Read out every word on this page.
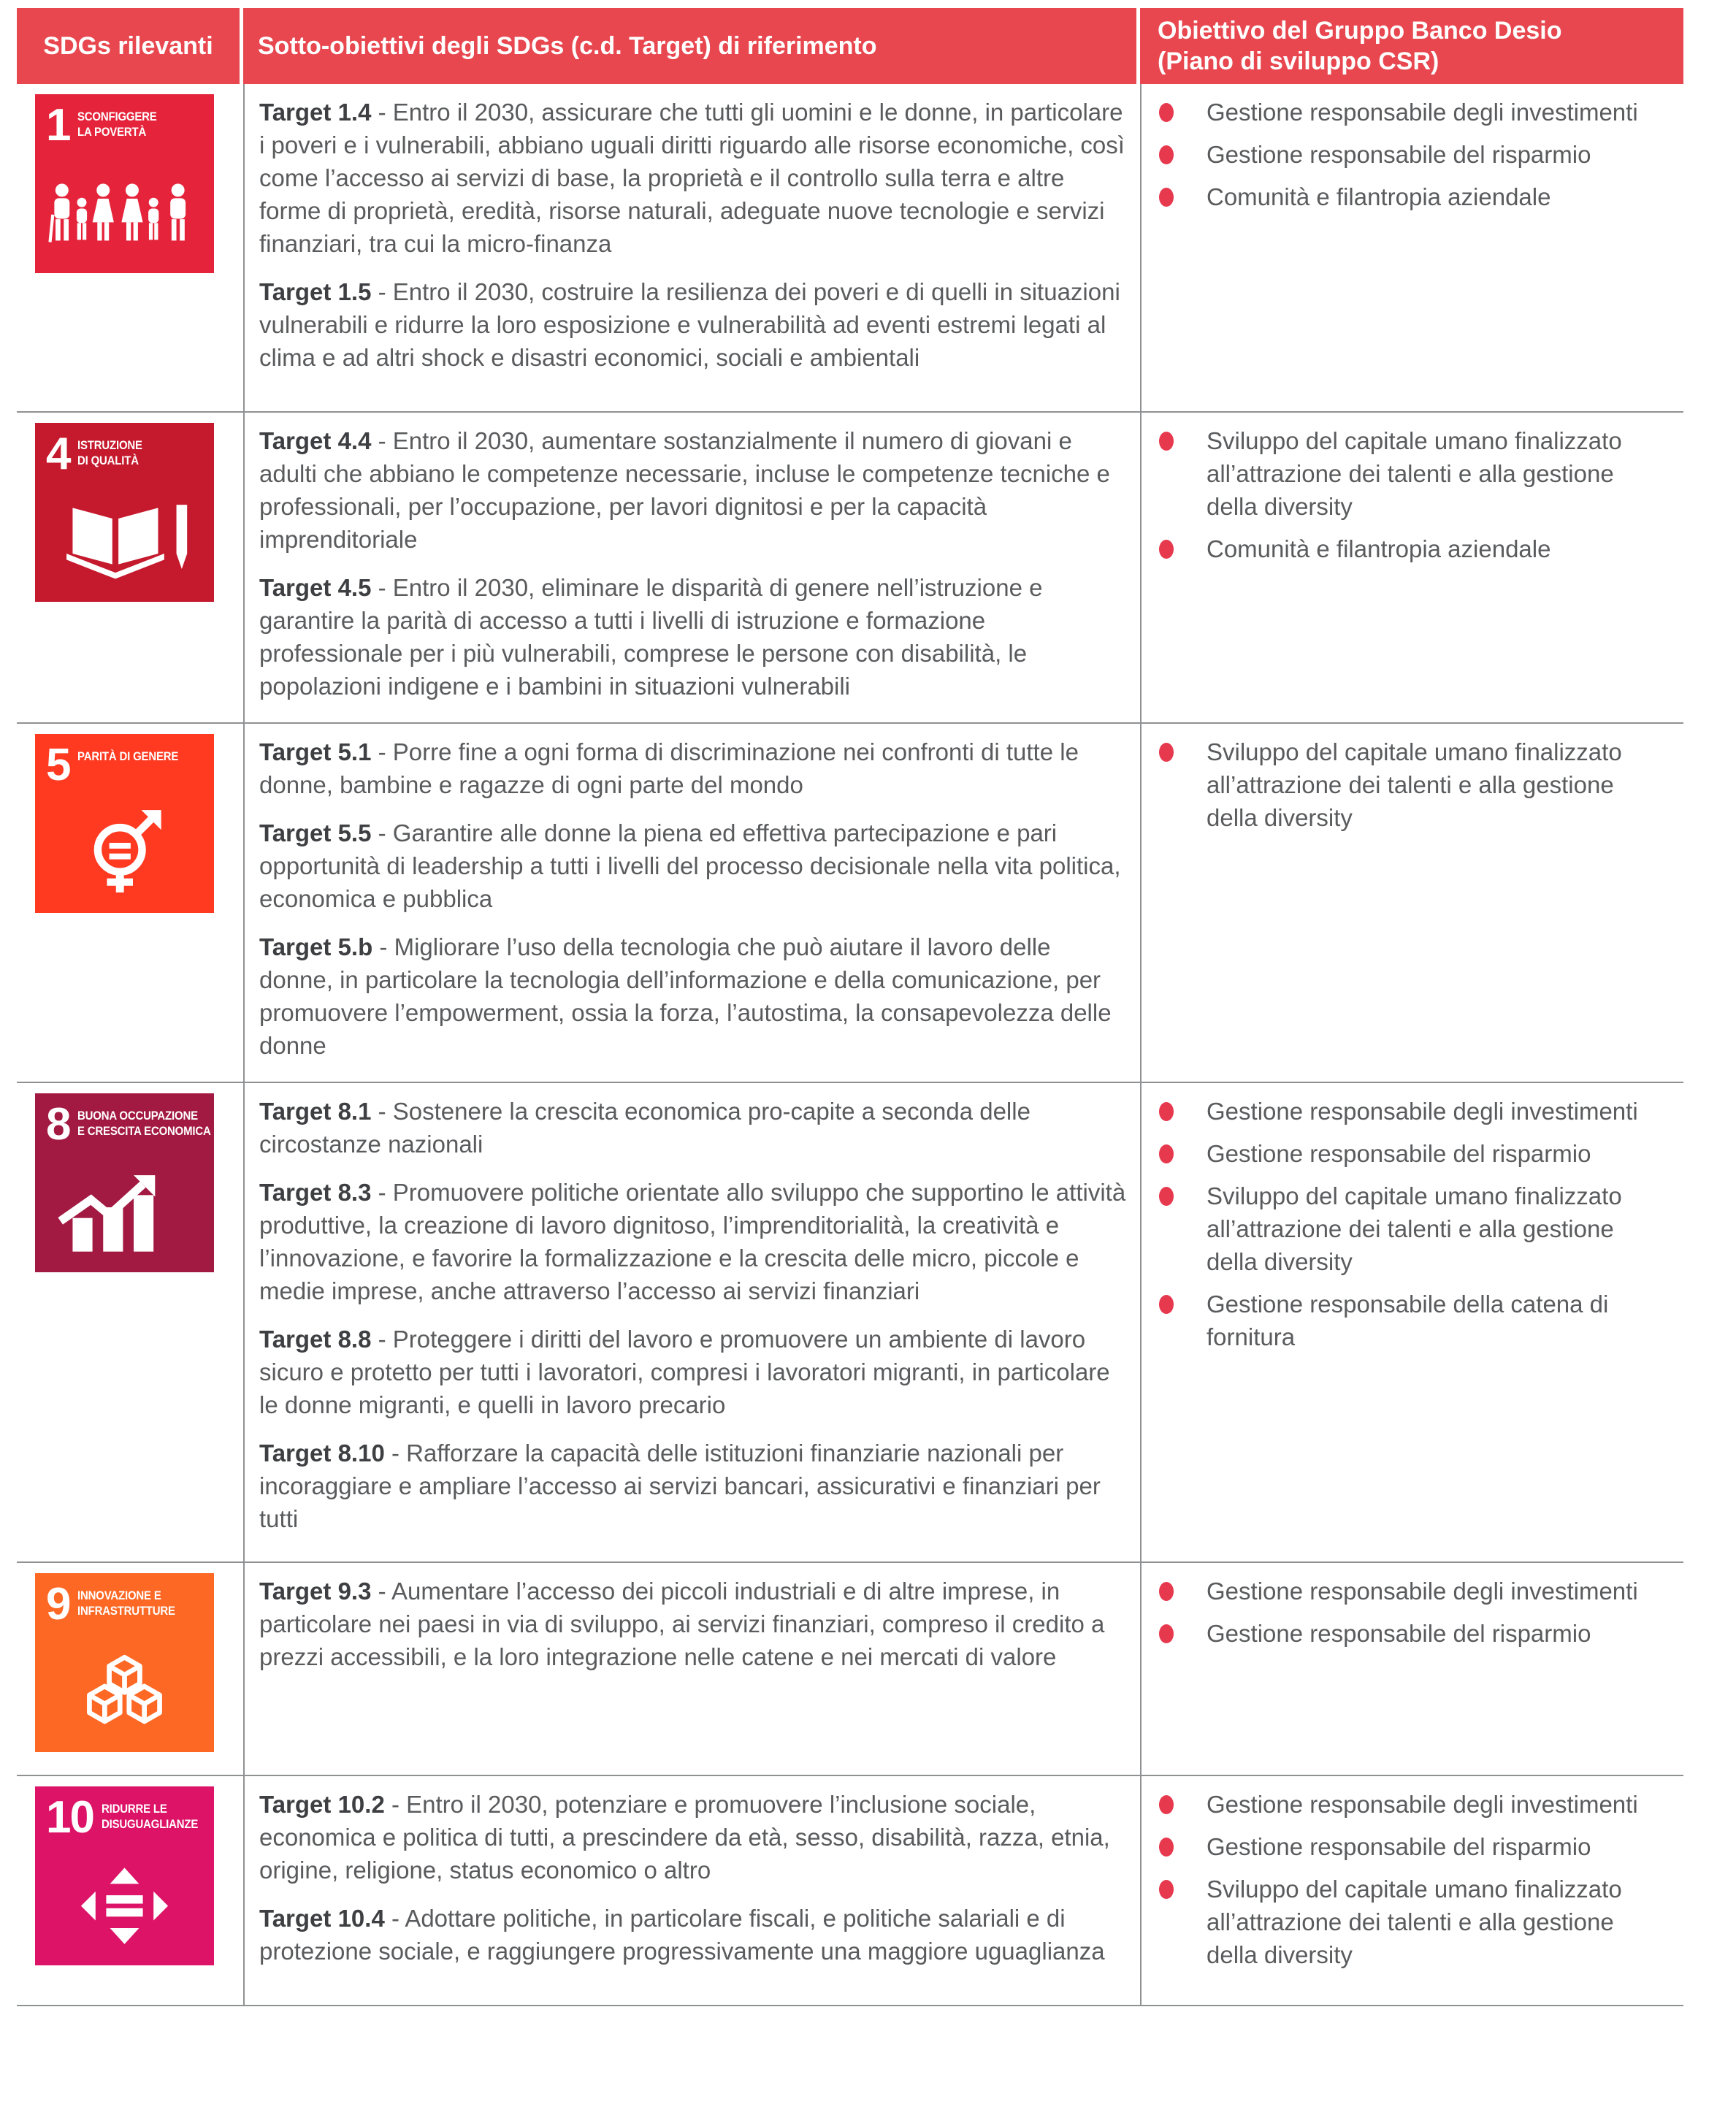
SDGs rilevanti Sotto-obiettivi degli SDGs (c.d. Target) di riferimento
Obiettivo del Gruppo Banco Desio
(Piano di sviluppo CSR)
1 SCONFIGGERE
LA POVERTÀ

Target 1.4 - Entro il 2030, assicurare che tutti gli uomini e le donne, in particolare i poveri e i vulnerabili, abbiano uguali diritti riguardo alle risorse economiche, così come l’accesso ai servizi di base, la proprietà e il controllo sulla terra e altre forme di proprietà, eredità, risorse naturali, adeguate nuove tecnologie e servizi finanziari, tra cui la micro-finanza

Target 1.5 - Entro il 2030, costruire la resilienza dei poveri e di quelli in situazioni vulnerabili e ridurre la loro esposizione e vulnerabilità ad eventi estremi legati al clima e ad altri shock e disastri economici, sociali e ambientali

Gestione responsabile degli investimenti
Gestione responsabile del risparmio
Comunità e filantropia aziendale
4 ISTRUZIONE
DI QUALITÀ

Target 4.4 - Entro il 2030, aumentare sostanzialmente il numero di giovani e adulti che abbiano le competenze necessarie, incluse le competenze tecniche e professionali, per l’occupazione, per lavori dignitosi e per la capacità imprenditoriale

Target 4.5 - Entro il 2030, eliminare le disparità di genere nell’istruzione e garantire la parità di accesso a tutti i livelli di istruzione e formazione professionale per i più vulnerabili, comprese le persone con disabilità, le popolazioni indigene e i bambini in situazioni vulnerabili

Sviluppo del capitale umano finalizzato all’attrazione dei talenti e alla gestione della diversity
Comunità e filantropia aziendale
5 PARITÀ DI GENERE	Target 5.1 - Porre fine a ogni forma di discriminazione nei confronti di tutte le donne, bambine e ragazze di ogni parte del mondo

Target 5.5 - Garantire alle donne la piena ed effettiva partecipazione e pari opportunità di leadership a tutti i livelli del processo decisionale nella vita politica, economica e pubblica

Target 5.b - Migliorare l’uso della tecnologia che può aiutare il lavoro delle donne, in particolare la tecnologia dell’informazione e della comunicazione, per promuovere l’empowerment, ossia la forza, l’autostima, la consapevolezza delle donne

Sviluppo del capitale umano finalizzato all’attrazione dei talenti e alla gestione della diversity
8 BUONA OCCUPAZIONE
E CRESCITA ECONOMICA

Target 8.1 - Sostenere la crescita economica pro-capite a seconda delle circostanze nazionali

Target 8.3 - Promuovere politiche orientate allo sviluppo che supportino le attività produttive, la creazione di lavoro dignitoso, l’imprenditorialità, la creatività e l’innovazione, e favorire la formalizzazione e la crescita delle micro, piccole e medie imprese, anche attraverso l’accesso ai servizi finanziari

Target 8.8 - Proteggere i diritti del lavoro e promuovere un ambiente di lavoro sicuro e protetto per tutti i lavoratori, compresi i lavoratori migranti, in particolare le donne migranti, e quelli in lavoro precario

Target 8.10 - Rafforzare la capacità delle istituzioni finanziarie nazionali per incoraggiare e ampliare l’accesso ai servizi bancari, assicurativi e finanziari per tutti

Gestione responsabile degli investimenti
Gestione responsabile del risparmio
Sviluppo del capitale umano finalizzato all’attrazione dei talenti e alla gestione della diversity
Gestione responsabile della catena di fornitura
9 INNOVAZIONE E
INFRASTRUTTURE

Target 9.3 - Aumentare l’accesso dei piccoli industriali e di altre imprese, in particolare nei paesi in via di sviluppo, ai servizi finanziari, compreso il credito a prezzi accessibili, e la loro integrazione nelle catene e nei mercati di valore

Gestione responsabile degli investimenti
Gestione responsabile del risparmio
10 RIDURRE LE
DISUGUAGLIANZE

Target 10.2 - Entro il 2030, potenziare e promuovere l’inclusione sociale, economica e politica di tutti, a prescindere da età, sesso, disabilità, razza, etnia, origine, religione, status economico o altro

Target 10.4 - Adottare politiche, in particolare fiscali, e politiche salariali e di protezione sociale, e raggiungere progressivamente una maggiore uguaglianza

Gestione responsabile degli investimenti
Gestione responsabile del risparmio
Sviluppo del capitale umano finalizzato all’attrazione dei talenti e alla gestione della diversity
